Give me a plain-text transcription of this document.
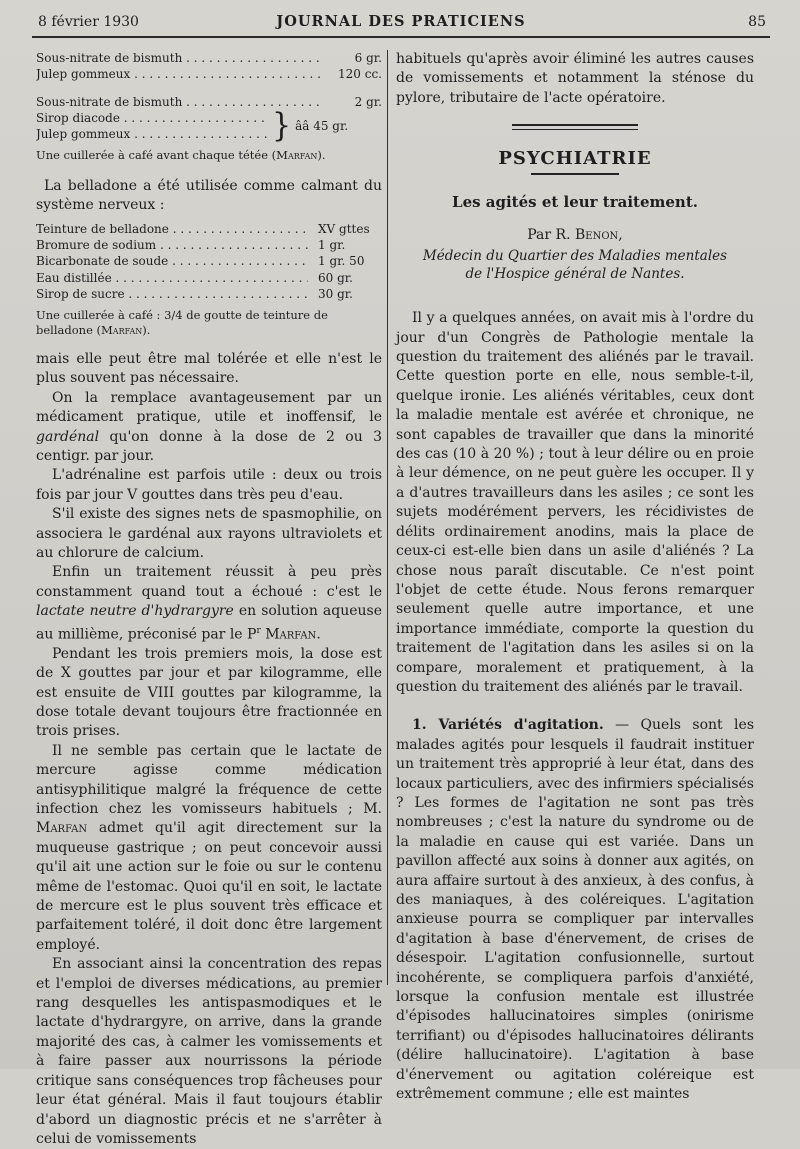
8 février 1930	JOURNAL DES PRATICIENS	85
Sous-nitrate de bismuth . . .	6 gr.
Julep gommeux . . .	120 cc.
Sous-nitrate de bismuth . . .	2 gr.
Sirop diacode . . .
Julep gommeux . . .	} ââ 45 gr.
Une cuillerée à café avant chaque tétée (Marfan).
La belladone a été utilisée comme calmant du système nerveux :
Teinture de belladone . . .	XV gttes
Bromure de sodium . . .	1 gr.
Bicarbonate de soude . . .	1 gr. 50
Eau distillée . . .	60 gr.
Sirop de sucre . . .	30 gr.
Une cuillerée à café : 3/4 de goutte de teinture de belladone (Marfan).

mais elle peut être mal tolérée et elle n'est le plus souvent pas nécessaire.

On la remplace avantageusement par un médicament pratique, utile et inoffensif, le gardénal qu'on donne à la dose de 2 ou 3 centigr. par jour.

L'adrénaline est parfois utile : deux ou trois fois par jour V gouttes dans très peu d'eau.

S'il existe des signes nets de spasmophilie, on associera le gardénal aux rayons ultraviolets et au chlorure de calcium.

Enfin un traitement réussit à peu près constamment quand tout a échoué : c'est le lactate neutre d'hydrargyre en solution aqueuse au millième, préconisé par le $P^r$ Marfan.

Pendant les trois premiers mois, la dose est de X gouttes par jour et par kilogramme, elle est ensuite de VIII gouttes par kilogramme, la dose totale devant toujours être fractionnée en trois prises.

Il ne semble pas certain que le lactate de mercure agisse comme médication antisyphilitique malgré la fréquence de cette infection chez les vomisseurs habituels ; M. Marfan admet qu'il agit directement sur la muqueuse gastrique ; on peut concevoir aussi qu'il ait une action sur le foie ou sur le contenu même de l'estomac. Quoi qu'il en soit, le lactate de mercure est le plus souvent très efficace et parfaitement toléré, il doit donc être largement employé.

En associant ainsi la concentration des repas et l'emploi de diverses médications, au premier rang desquelles les antispasmodiques et le lactate d'hydrargyre, on arrive, dans la grande majorité des cas, à calmer les vomissements et à faire passer aux nourrissons la période critique sans conséquences trop fâcheuses pour leur état général. Mais il faut toujours établir d'abord un diagnostic précis et ne s'arrêter à celui de vomissements

habituels qu'après avoir éliminé les autres causes de vomissements et notamment la sténose du pylore, tributaire de l'acte opératoire.

PSYCHIATRIE
Les agités et leur traitement.
Par R. Benon,
Médecin du Quartier des Maladies mentales
de l'Hospice général de Nantes.

Il y a quelques années, on avait mis à l'ordre du jour d'un Congrès de Pathologie mentale la question du traitement des aliénés par le travail. Cette question porte en elle, nous semble-t-il, quelque ironie. Les aliénés véritables, ceux dont la maladie mentale est avérée et chronique, ne sont capables de travailler que dans la minorité des cas (10 à 20 %) ; tout à leur délire ou en proie à leur démence, on ne peut guère les occuper. Il y a d'autres travailleurs dans les asiles ; ce sont les sujets modérément pervers, les récidivistes de délits ordinairement anodins, mais la place de ceux-ci est-elle bien dans un asile d'aliénés ? La chose nous paraît discutable. Ce n'est point l'objet de cette étude. Nous ferons remarquer seulement quelle autre importance, et une importance immédiate, comporte la question du traitement de l'agitation dans les asiles si on la compare, moralement et pratiquement, à la question du traitement des aliénés par le travail.

1. Variétés d'agitation. — Quels sont les malades agités pour lesquels il faudrait instituer un traitement très approprié à leur état, dans des locaux particuliers, avec des infirmiers spécialisés ? Les formes de l'agitation ne sont pas très nombreuses ; c'est la nature du syndrome ou de la maladie en cause qui est variée. Dans un pavillon affecté aux soins à donner aux agités, on aura affaire surtout à des anxieux, à des confus, à des maniaques, à des coléreiques. L'agitation anxieuse pourra se compliquer par intervalles d'agitation à base d'énervement, de crises de désespoir. L'agitation confusionnelle, surtout incohérente, se compliquera parfois d'anxiété, lorsque la confusion mentale est illustrée d'épisodes hallucinatoires simples (onirisme terrifiant) ou d'épisodes hallucinatoires délirants (délire hallucinatoire). L'agitation à base d'énervement ou agitation coléreique est extrêmement commune ; elle est maintes
